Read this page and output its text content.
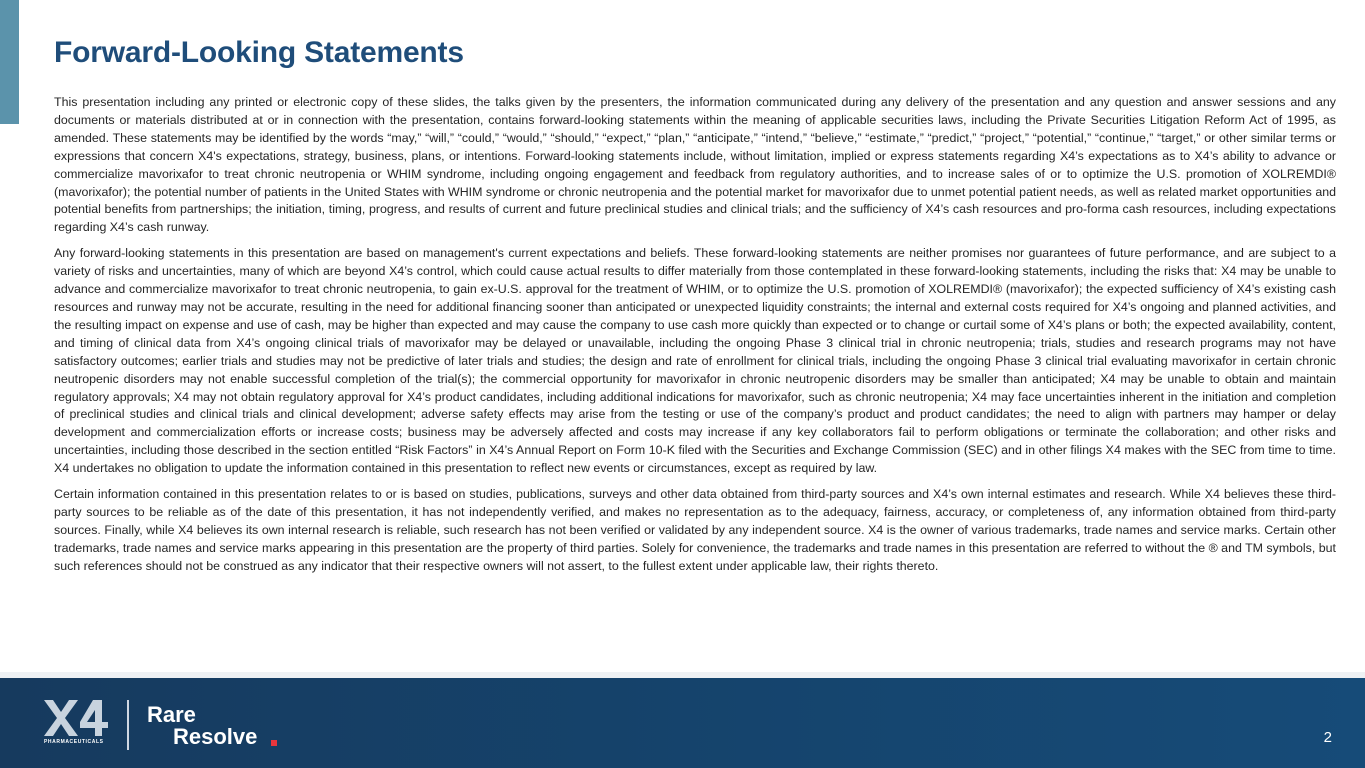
Forward-Looking Statements

This presentation including any printed or electronic copy of these slides, the talks given by the presenters, the information communicated during any delivery of the presentation and any question and answer sessions and any documents or materials distributed at or in connection with the presentation, contains forward-looking statements within the meaning of applicable securities laws, including the Private Securities Litigation Reform Act of 1995, as amended. These statements may be identified by the words “may,” “will,” “could,” “would,” “should,” “expect,” “plan,” “anticipate,” “intend,” “believe,” “estimate,” “predict,” “project,” “potential,” “continue,” “target,” or other similar terms or expressions that concern X4's expectations, strategy, business, plans, or intentions. Forward-looking statements include, without limitation, implied or express statements regarding X4’s expectations as to X4’s ability to advance or commercialize mavorixafor to treat chronic neutropenia or WHIM syndrome, including ongoing engagement and feedback from regulatory authorities, and to increase sales of or to optimize the U.S. promotion of XOLREMDI® (mavorixafor); the potential number of patients in the United States with WHIM syndrome or chronic neutropenia and the potential market for mavorixafor due to unmet potential patient needs, as well as related market opportunities and potential benefits from partnerships; the initiation, timing, progress, and results of current and future preclinical studies and clinical trials; and the sufficiency of X4’s cash resources and pro-forma cash resources, including expectations regarding X4’s cash runway.

Any forward-looking statements in this presentation are based on management's current expectations and beliefs. These forward-looking statements are neither promises nor guarantees of future performance, and are subject to a variety of risks and uncertainties, many of which are beyond X4’s control, which could cause actual results to differ materially from those contemplated in these forward-looking statements, including the risks that: X4 may be unable to advance and commercialize mavorixafor to treat chronic neutropenia, to gain ex-U.S. approval for the treatment of WHIM, or to optimize the U.S. promotion of XOLREMDI® (mavorixafor); the expected sufficiency of X4’s existing cash resources and runway may not be accurate, resulting in the need for additional financing sooner than anticipated or unexpected liquidity constraints; the internal and external costs required for X4’s ongoing and planned activities, and the resulting impact on expense and use of cash, may be higher than expected and may cause the company to use cash more quickly than expected or to change or curtail some of X4’s plans or both; the expected availability, content, and timing of clinical data from X4’s ongoing clinical trials of mavorixafor may be delayed or unavailable, including the ongoing Phase 3 clinical trial in chronic neutropenia; trials, studies and research programs may not have satisfactory outcomes; earlier trials and studies may not be predictive of later trials and studies; the design and rate of enrollment for clinical trials, including the ongoing Phase 3 clinical trial evaluating mavorixafor in certain chronic neutropenic disorders may not enable successful completion of the trial(s); the commercial opportunity for mavorixafor in chronic neutropenic disorders may be smaller than anticipated; X4 may be unable to obtain and maintain regulatory approvals; X4 may not obtain regulatory approval for X4’s product candidates, including additional indications for mavorixafor, such as chronic neutropenia; X4 may face uncertainties inherent in the initiation and completion of preclinical studies and clinical trials and clinical development; adverse safety effects may arise from the testing or use of the company’s product and product candidates; the need to align with partners may hamper or delay development and commercialization efforts or increase costs; business may be adversely affected and costs may increase if any key collaborators fail to perform obligations or terminate the collaboration; and other risks and uncertainties, including those described in the section entitled “Risk Factors” in X4’s Annual Report on Form 10-K filed with the Securities and Exchange Commission (SEC) and in other filings X4 makes with the SEC from time to time. X4 undertakes no obligation to update the information contained in this presentation to reflect new events or circumstances, except as required by law.

Certain information contained in this presentation relates to or is based on studies, publications, surveys and other data obtained from third-party sources and X4’s own internal estimates and research. While X4 believes these third-party sources to be reliable as of the date of this presentation, it has not independently verified, and makes no representation as to the adequacy, fairness, accuracy, or completeness of, any information obtained from third-party sources. Finally, while X4 believes its own internal research is reliable, such research has not been verified or validated by any independent source. X4 is the owner of various trademarks, trade names and service marks. Certain other trademarks, trade names and service marks appearing in this presentation are the property of third parties. Solely for convenience, the trademarks and trade names in this presentation are referred to without the ® and TM symbols, but such references should not be construed as any indicator that their respective owners will not assert, to the fullest extent under applicable law, their rights thereto.

PHARMACEUTICALS
Rare
Resolve	2
